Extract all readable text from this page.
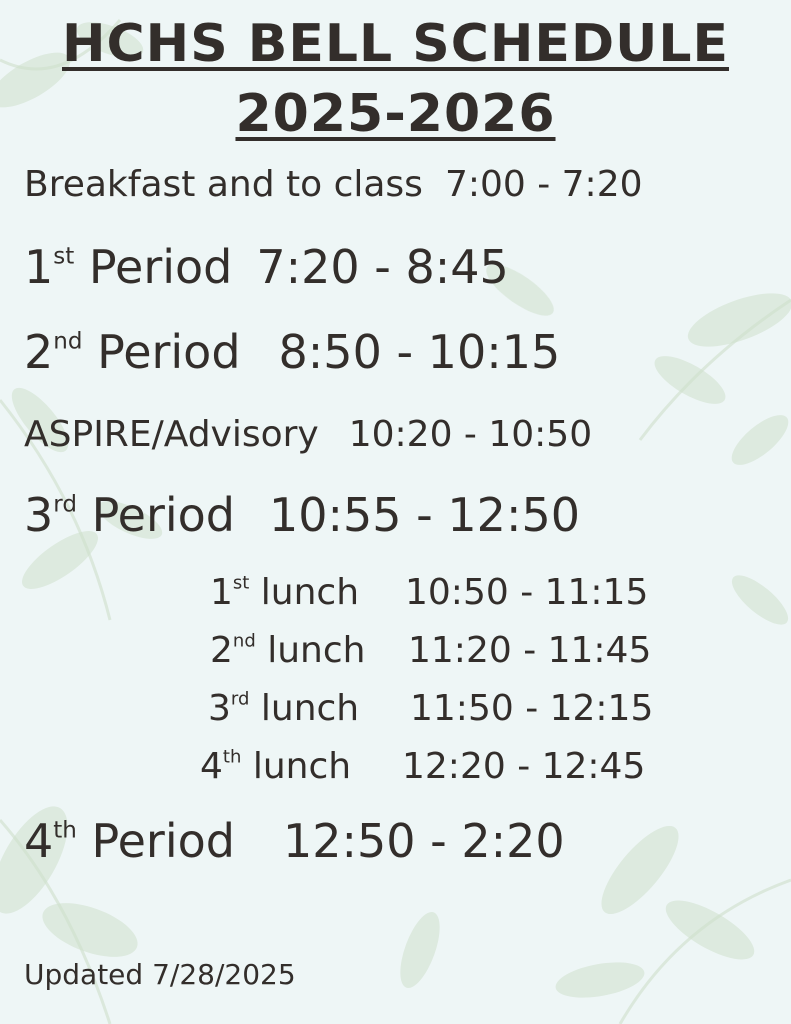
HCHS BELL SCHEDULE
2025-2026
Breakfast and to class 7:00 - 7:20
1st Period 7:20 - 8:45
2nd Period 8:50 - 10:15
ASPIRE/Advisory 10:20 - 10:50
3rd Period 10:55 - 12:50
1st lunch 10:50 - 11:15
2nd lunch 11:20 - 11:45
3rd lunch 11:50 - 12:15
4th lunch 12:20 - 12:45
4th Period 12:50 - 2:20
Updated 7/28/2025
